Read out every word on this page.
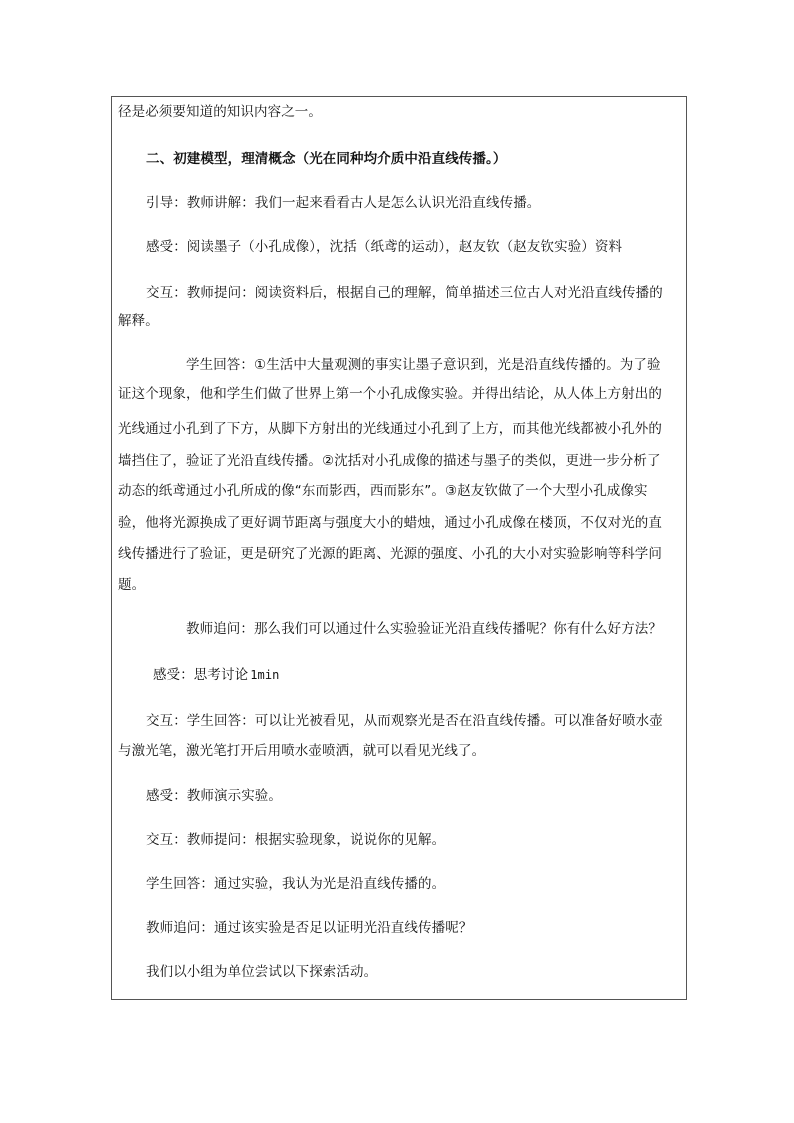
径是必须要知道的知识内容之一。
二、初建模型，理清概念（光在同种均介质中沿直线传播。）
引导：教师讲解：我们一起来看看古人是怎么认识光沿直线传播。
感受：阅读墨子（小孔成像），沈括（纸鸢的运动），赵友钦（赵友钦实验）资料
交互：教师提问：阅读资料后，根据自己的理解，简单描述三位古人对光沿直线传播的
解释。
学生回答：①生活中大量观测的事实让墨子意识到，光是沿直线传播的。为了验
证这个现象，他和学生们做了世界上第一个小孔成像实验。并得出结论，从人体上方射出的
光线通过小孔到了下方，从脚下方射出的光线通过小孔到了上方，而其他光线都被小孔外的
墙挡住了，验证了光沿直线传播。②沈括对小孔成像的描述与墨子的类似，更进一步分析了
动态的纸鸢通过小孔所成的像“东而影西，西而影东”。③赵友钦做了一个大型小孔成像实
验，他将光源换成了更好调节距离与强度大小的蜡烛，通过小孔成像在楼顶，不仅对光的直
线传播进行了验证，更是研究了光源的距离、光源的强度、小孔的大小对实验影响等科学问
题。
教师追问：那么我们可以通过什么实验验证光沿直线传播呢？你有什么好方法？
感受：思考讨论 1min
交互：学生回答：可以让光被看见，从而观察光是否在沿直线传播。可以准备好喷水壶
与激光笔，激光笔打开后用喷水壶喷洒，就可以看见光线了。
感受：教师演示实验。
交互：教师提问：根据实验现象，说说你的见解。
学生回答：通过实验，我认为光是沿直线传播的。
教师追问：通过该实验是否足以证明光沿直线传播呢？
我们以小组为单位尝试以下探索活动。
